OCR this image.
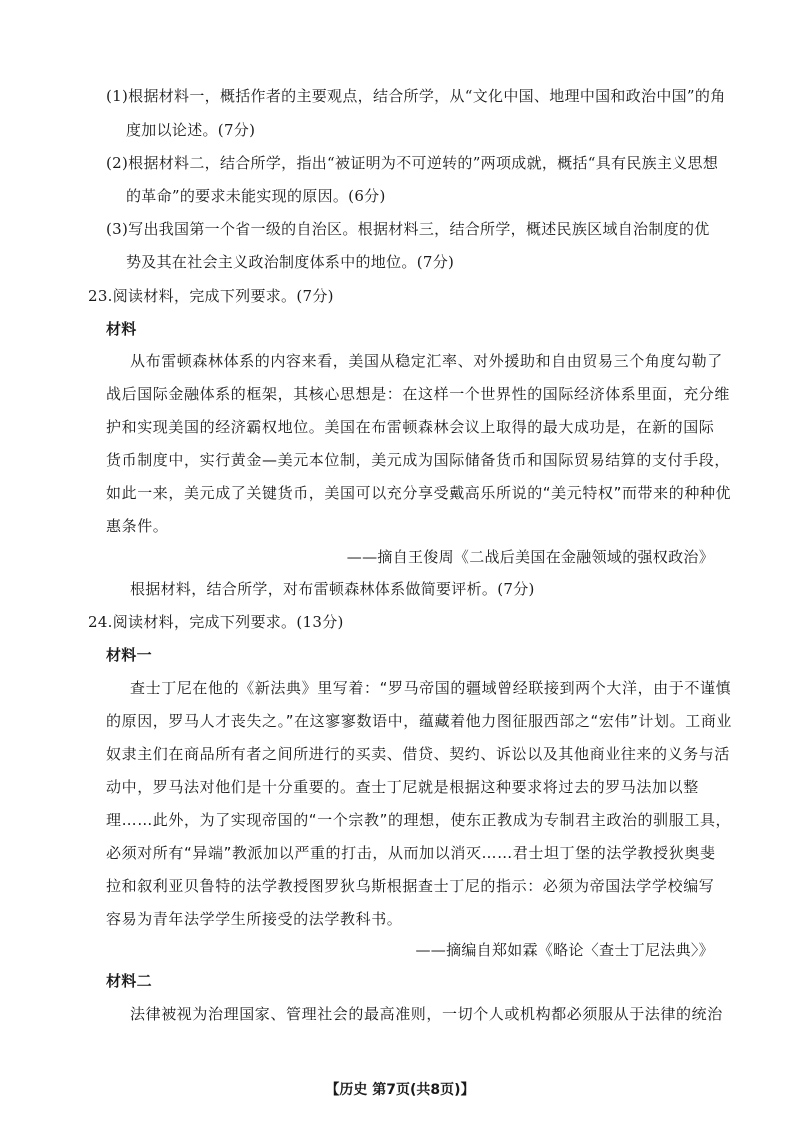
(1)根据材料一，概括作者的主要观点，结合所学，从“文化中国、地理中国和政治中国”的角
度加以论述。(7分)
(2)根据材料二，结合所学，指出“被证明为不可逆转的”两项成就，概括“具有民族主义思想
的革命”的要求未能实现的原因。(6分)
(3)写出我国第一个省一级的自治区。根据材料三，结合所学，概述民族区域自治制度的优
势及其在社会主义政治制度体系中的地位。(7分)
23.阅读材料，完成下列要求。(7分)
材料
从布雷顿森林体系的内容来看，美国从稳定汇率、对外援助和自由贸易三个角度勾勒了
战后国际金融体系的框架，其核心思想是：在这样一个世界性的国际经济体系里面，充分维
护和实现美国的经济霸权地位。美国在布雷顿森林会议上取得的最大成功是，在新的国际
货币制度中，实行黄金—美元本位制，美元成为国际储备货币和国际贸易结算的支付手段，
如此一来，美元成了关键货币，美国可以充分享受戴高乐所说的“美元特权”而带来的种种优
惠条件。
——摘自王俊周《二战后美国在金融领域的强权政治》
根据材料，结合所学，对布雷顿森林体系做简要评析。(7分)
24.阅读材料，完成下列要求。(13分)
材料一
查士丁尼在他的《新法典》里写着：“罗马帝国的疆域曾经联接到两个大洋，由于不谨慎
的原因，罗马人才丧失之。”在这寥寥数语中，蕴藏着他力图征服西部之“宏伟”计划。工商业
奴隶主们在商品所有者之间所进行的买卖、借贷、契约、诉讼以及其他商业往来的义务与活
动中，罗马法对他们是十分重要的。查士丁尼就是根据这种要求将过去的罗马法加以整
理……此外，为了实现帝国的“一个宗教”的理想，使东正教成为专制君主政治的驯服工具，
必须对所有“异端”教派加以严重的打击，从而加以消灭……君士坦丁堡的法学教授狄奥斐
拉和叙利亚贝鲁特的法学教授图罗狄乌斯根据查士丁尼的指示：必须为帝国法学学校编写
容易为青年法学学生所接受的法学教科书。
——摘编自郑如霖《略论〈查士丁尼法典〉》
材料二
法律被视为治理国家、管理社会的最高准则，一切个人或机构都必须服从于法律的统治
【历史 第7页(共8页)】
